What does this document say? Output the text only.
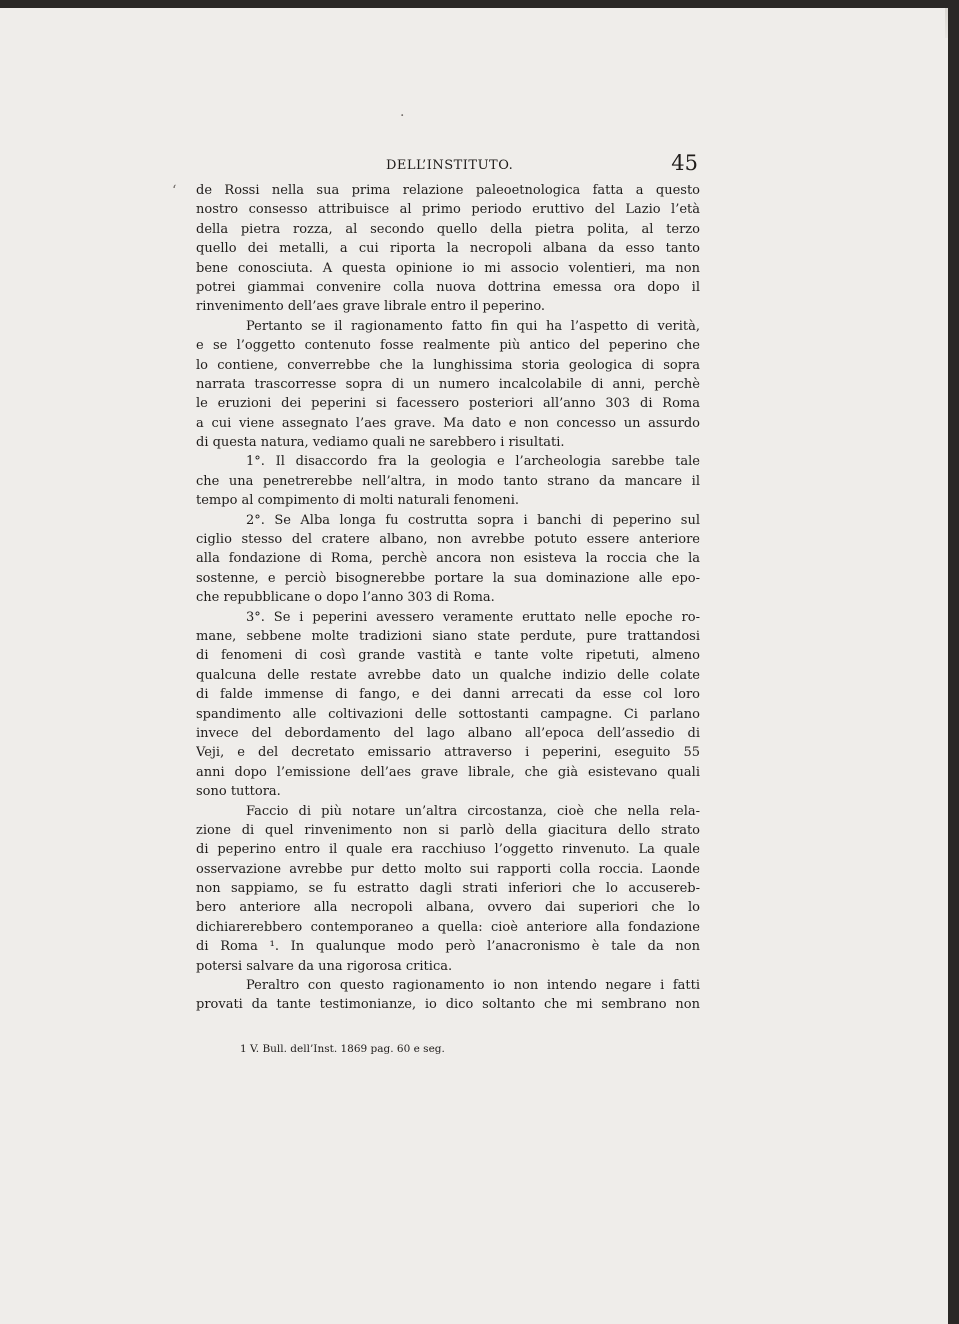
·
‘
DELL’INSTITUTO.	45
de Rossi nella sua prima relazione paleoetnologica fatta a questo
nostro consesso attribuisce al primo periodo eruttivo del Lazio l’età
della pietra rozza, al secondo quello della pietra polita, al terzo
quello dei metalli, a cui riporta la necropoli albana da esso tanto
bene conosciuta. A questa opinione io mi associo volentieri, ma non
potrei giammai convenire colla nuova dottrina emessa ora dopo il
rinvenimento dell’aes grave librale entro il peperino.
Pertanto se il ragionamento fatto fin qui ha l’aspetto di verità,
e se l’oggetto contenuto fosse realmente più antico del peperino che
lo contiene, converrebbe che la lunghissima storia geologica di sopra
narrata trascorresse sopra di un numero incalcolabile di anni, perchè
le eruzioni dei peperini si facessero posteriori all’anno 303 di Roma
a cui viene assegnato l’aes grave. Ma dato e non concesso un assurdo
di questa natura, vediamo quali ne sarebbero i risultati.
1°. Il disaccordo fra la geologia e l’archeologia sarebbe tale
che una penetrerebbe nell’altra, in modo tanto strano da mancare il
tempo al compimento di molti naturali fenomeni.
2°. Se Alba longa fu costrutta sopra i banchi di peperino sul
ciglio stesso del cratere albano, non avrebbe potuto essere anteriore
alla fondazione di Roma, perchè ancora non esisteva la roccia che la
sostenne, e perciò bisognerebbe portare la sua dominazione alle epo-
che repubblicane o dopo l’anno 303 di Roma.
3°. Se i peperini avessero veramente eruttato nelle epoche ro-
mane, sebbene molte tradizioni siano state perdute, pure trattandosi
di fenomeni di così grande vastità e tante volte ripetuti, almeno
qualcuna delle restate avrebbe dato un qualche indizio delle colate
di falde immense di fango, e dei danni arrecati da esse col loro
spandimento alle coltivazioni delle sottostanti campagne. Ci parlano
invece del debordamento del lago albano all’epoca dell’assedio di
Veji, e del decretato emissario attraverso i peperini, eseguito 55
anni dopo l’emissione dell’aes grave librale, che già esistevano quali
sono tuttora.
Faccio di più notare un’altra circostanza, cioè che nella rela-
zione di quel rinvenimento non si parlò della giacitura dello strato
di peperino entro il quale era racchiuso l’oggetto rinvenuto. La quale
osservazione avrebbe pur detto molto sui rapporti colla roccia. Laonde
non sappiamo, se fu estratto dagli strati inferiori che lo accusereb-
bero anteriore alla necropoli albana, ovvero dai superiori che lo
dichiarerebbero contemporaneo a quella: cioè anteriore alla fondazione
di Roma ¹. In qualunque modo però l’anacronismo è tale da non
potersi salvare da una rigorosa critica.
Peraltro con questo ragionamento io non intendo negare i fatti
provati da tante testimonianze, io dico soltanto che mi sembrano non
1 V. Bull. dell’Inst. 1869 pag. 60 e seg.
